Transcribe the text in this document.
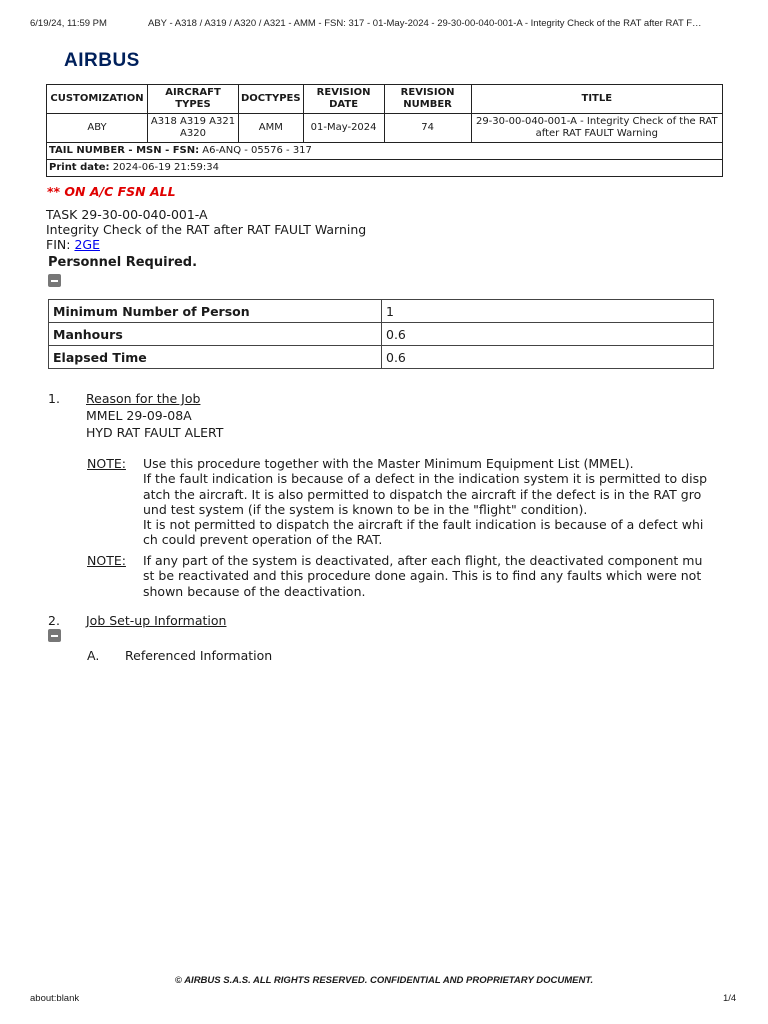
6/19/24, 11:59 PM	ABY - A318 / A319 / A320 / A321 - AMM - FSN: 317 - 01-May-2024 - 29-30-00-040-001-A - Integrity Check of the RAT after RAT F…
AIRBUS
CUSTOMIZATION	AIRCRAFT TYPES	DOCTYPES	REVISION DATE	REVISION NUMBER	TITLE
ABY	A318 A319 A321 A320	AMM	01-May-2024	74	29-30-00-040-001-A - Integrity Check of the RAT after RAT FAULT Warning
TAIL NUMBER - MSN - FSN: A6-ANQ - 05576 - 317					
Print date: 2024-06-19 21:59:34					
** ON A/C FSN ALL
TASK 29-30-00-040-001-A
Integrity Check of the RAT after RAT FAULT Warning
FIN: 2GE
Personnel Required.
Minimum Number of Person	1
Manhours	0.6
Elapsed Time	0.6
1. Reason for the Job
MMEL 29-09-08A
HYD RAT FAULT ALERT
NOTE: Use this procedure together with the Master Minimum Equipment List (MMEL).
If the fault indication is because of a defect in the indication system it is permitted to disp
atch the aircraft. It is also permitted to dispatch the aircraft if the defect is in the RAT gro
und test system (if the system is known to be in the "flight" condition).
It is not permitted to dispatch the aircraft if the fault indication is because of a defect whi
ch could prevent operation of the RAT.
NOTE: If any part of the system is deactivated, after each flight, the deactivated component mu
st be reactivated and this procedure done again. This is to find any faults which were not
shown because of the deactivation.
2. Job Set-up Information
A. Referenced Information
© AIRBUS S.A.S. ALL RIGHTS RESERVED. CONFIDENTIAL AND PROPRIETARY DOCUMENT.
about:blank	1/4
